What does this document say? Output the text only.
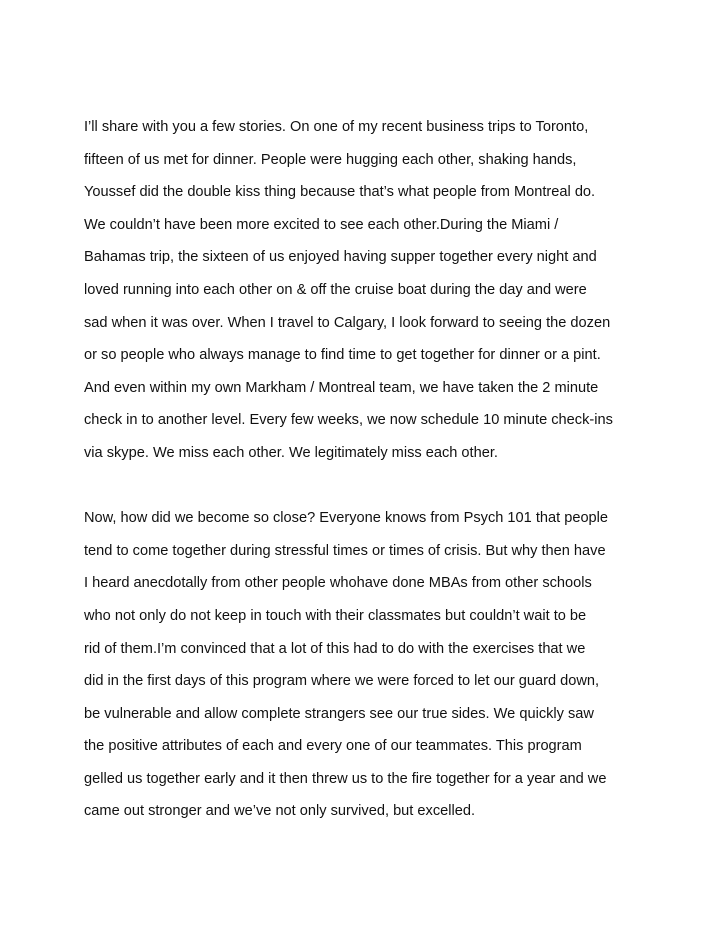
I’ll share with you a few stories. On one of my recent business trips to Toronto,
fifteen of us met for dinner. People were hugging each other, shaking hands,
Youssef did the double kiss thing because that’s what people from Montreal do.
We couldn’t have been more excited to see each other.During the Miami /
Bahamas trip, the sixteen of us enjoyed having supper together every night and
loved running into each other on & off the cruise boat during the day and were
sad when it was over. When I travel to Calgary, I look forward to seeing the dozen
or so people who always manage to find time to get together for dinner or a pint.
And even within my own Markham / Montreal team, we have taken the 2 minute
check in to another level. Every few weeks, we now schedule 10 minute check-ins
via skype. We miss each other. We legitimately miss each other.
Now, how did we become so close? Everyone knows from Psych 101 that people
tend to come together during stressful times or times of crisis. But why then have
I heard anecdotally from other people whohave done MBAs from other schools
who not only do not keep in touch with their classmates but couldn’t wait to be
rid of them.I’m convinced that a lot of this had to do with the exercises that we
did in the first days of this program where we were forced to let our guard down,
be vulnerable and allow complete strangers see our true sides. We quickly saw
the positive attributes of each and every one of our teammates. This program
gelled us together early and it then threw us to the fire together for a year and we
came out stronger and we’ve not only survived, but excelled.
